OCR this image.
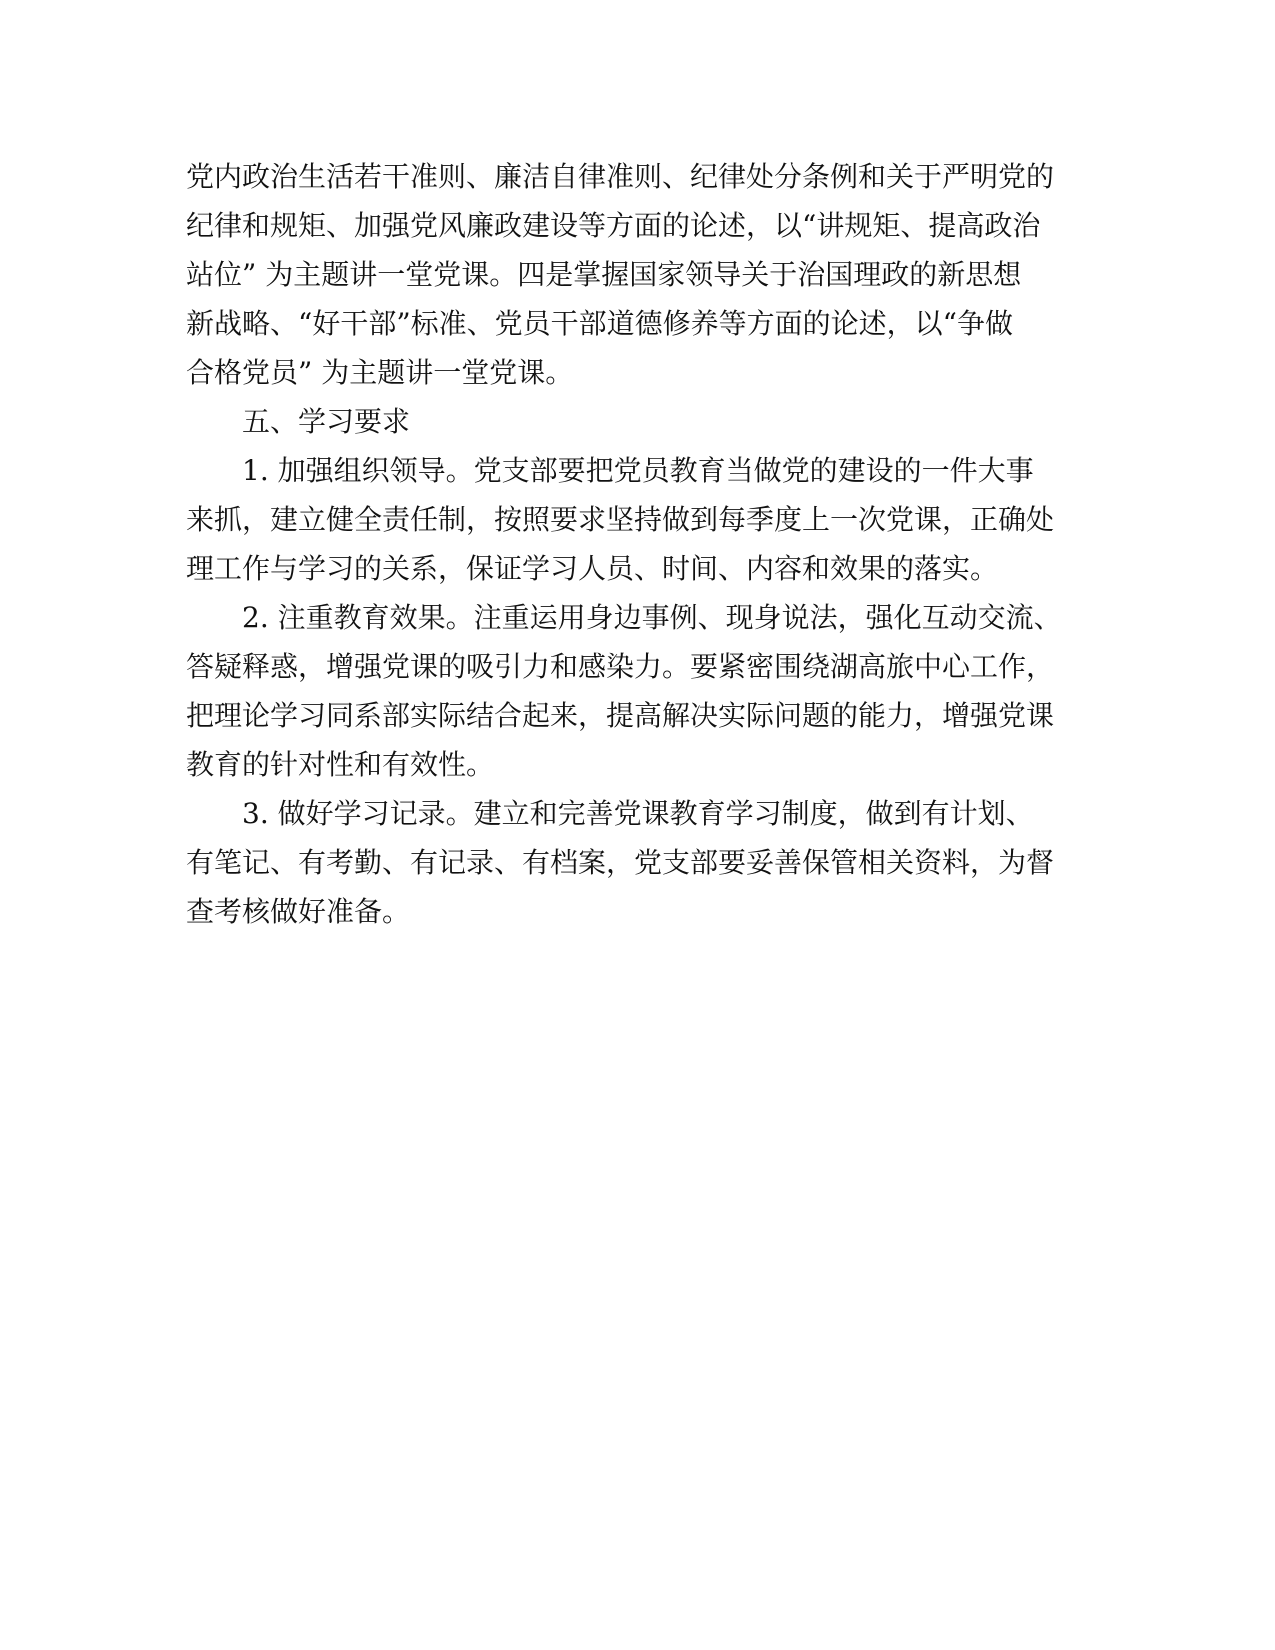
党内政治生活若干准则、廉洁自律准则、纪律处分条例和关于严明党的
纪律和规矩、加强党风廉政建设等方面的论述，以“讲规矩、提高政治
站位” 为主题讲一堂党课。四是掌握国家领导关于治国理政的新思想
新战略、“好干部”标准、党员干部道德修养等方面的论述，以“争做
合格党员” 为主题讲一堂党课。
五、学习要求
1. 加强组织领导。党支部要把党员教育当做党的建设的一件大事
来抓，建立健全责任制，按照要求坚持做到每季度上一次党课，正确处
理工作与学习的关系，保证学习人员、时间、内容和效果的落实。
2. 注重教育效果。注重运用身边事例、现身说法，强化互动交流、
答疑释惑，增强党课的吸引力和感染力。要紧密围绕湖高旅中心工作，
把理论学习同系部实际结合起来，提高解决实际问题的能力，增强党课
教育的针对性和有效性。
3. 做好学习记录。建立和完善党课教育学习制度，做到有计划、
有笔记、有考勤、有记录、有档案，党支部要妥善保管相关资料，为督
查考核做好准备。
